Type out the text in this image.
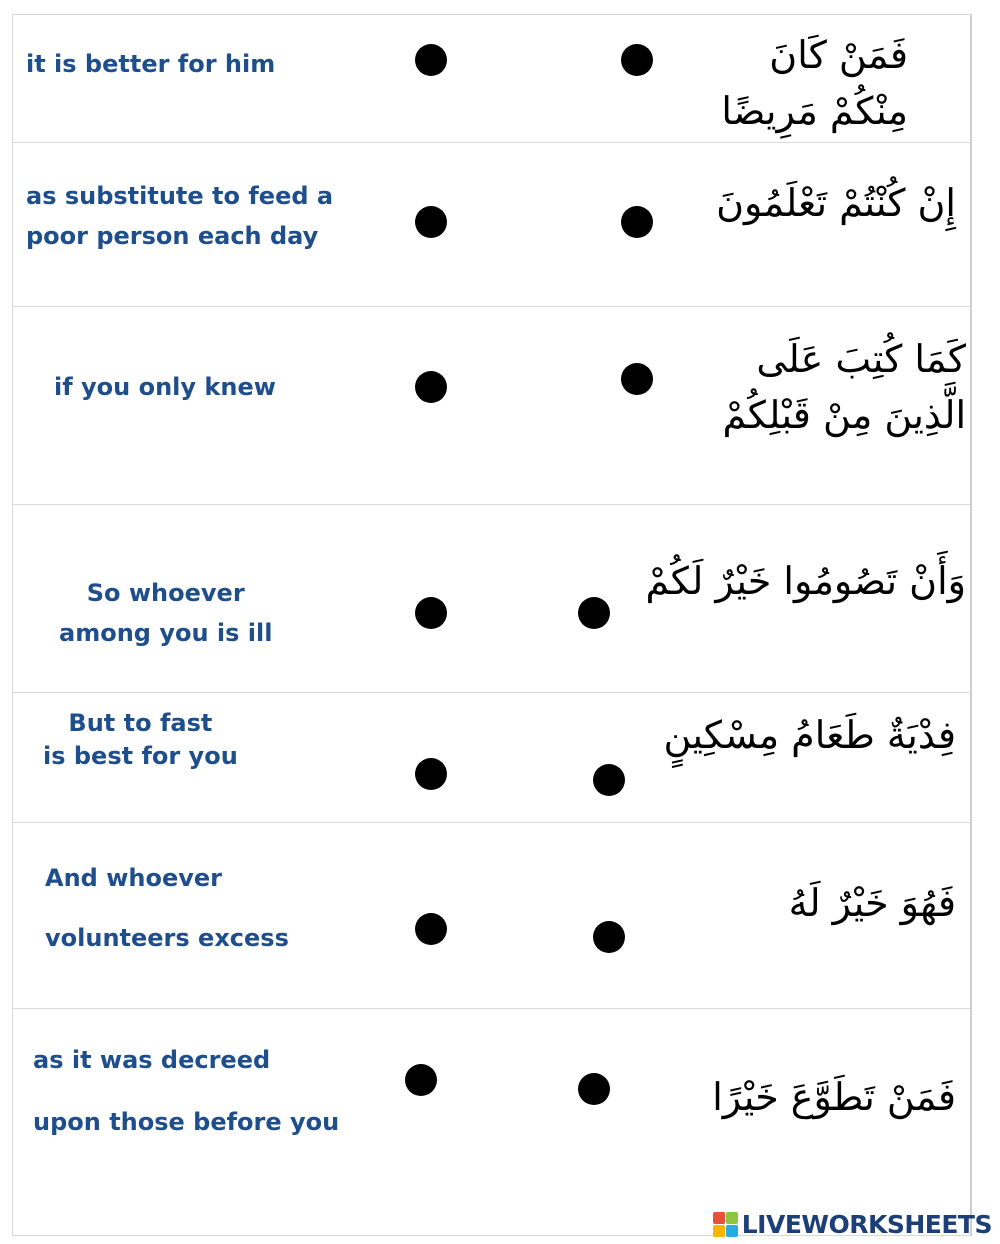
it is better for him	فَمَنْ كَانَ
مِنْكُمْ مَرِيضًا
as substitute to feed a
poor person each day
إِنْ كُنْتُمْ تَعْلَمُونَ
if you only knew
كَمَا كُتِبَ عَلَى
الَّذِينَ مِنْ قَبْلِكُمْ
So whoever
among you is ill
وَأَنْ تَصُومُوا خَيْرٌ لَكُمْ
But to fast
is best for you	فِدْيَةٌ طَعَامُ مِسْكِينٍ
And whoever

volunteers excess
فَهُوَ خَيْرٌ لَهُ
as it was decreed

upon those before you
فَمَنْ تَطَوَّعَ خَيْرًا
LIVEWORKSHEETS
